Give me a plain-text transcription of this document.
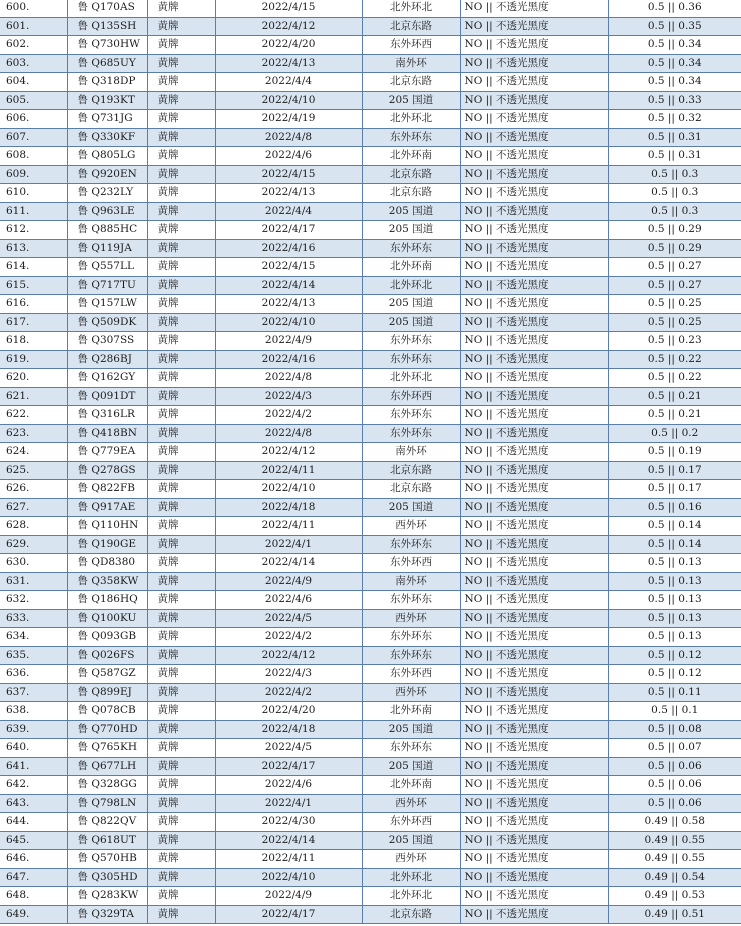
600.	鲁 Q170AS	黄牌	2022/4/15	北外环北	NO || 不透光黑度	0.5 || 0.36
601.	鲁 Q135SH	黄牌	2022/4/12	北京东路	NO || 不透光黑度	0.5 || 0.35
602.	鲁 Q730HW	黄牌	2022/4/20	东外环西	NO || 不透光黑度	0.5 || 0.34
603.	鲁 Q685UY	黄牌	2022/4/13	南外环	NO || 不透光黑度	0.5 || 0.34
604.	鲁 Q318DP	黄牌	2022/4/4	北京东路	NO || 不透光黑度	0.5 || 0.34
605.	鲁 Q193KT	黄牌	2022/4/10	205 国道	NO || 不透光黑度	0.5 || 0.33
606.	鲁 Q731JG	黄牌	2022/4/19	北外环北	NO || 不透光黑度	0.5 || 0.32
607.	鲁 Q330KF	黄牌	2022/4/8	东外环东	NO || 不透光黑度	0.5 || 0.31
608.	鲁 Q805LG	黄牌	2022/4/6	北外环南	NO || 不透光黑度	0.5 || 0.31
609.	鲁 Q920EN	黄牌	2022/4/15	北京东路	NO || 不透光黑度	0.5 || 0.3
610.	鲁 Q232LY	黄牌	2022/4/13	北京东路	NO || 不透光黑度	0.5 || 0.3
611.	鲁 Q963LE	黄牌	2022/4/4	205 国道	NO || 不透光黑度	0.5 || 0.3
612.	鲁 Q885HC	黄牌	2022/4/17	205 国道	NO || 不透光黑度	0.5 || 0.29
613.	鲁 Q119JA	黄牌	2022/4/16	东外环东	NO || 不透光黑度	0.5 || 0.29
614.	鲁 Q557LL	黄牌	2022/4/15	北外环南	NO || 不透光黑度	0.5 || 0.27
615.	鲁 Q717TU	黄牌	2022/4/14	北外环北	NO || 不透光黑度	0.5 || 0.27
616.	鲁 Q157LW	黄牌	2022/4/13	205 国道	NO || 不透光黑度	0.5 || 0.25
617.	鲁 Q509DK	黄牌	2022/4/10	205 国道	NO || 不透光黑度	0.5 || 0.25
618.	鲁 Q307SS	黄牌	2022/4/9	东外环东	NO || 不透光黑度	0.5 || 0.23
619.	鲁 Q286BJ	黄牌	2022/4/16	东外环东	NO || 不透光黑度	0.5 || 0.22
620.	鲁 Q162GY	黄牌	2022/4/8	北外环北	NO || 不透光黑度	0.5 || 0.22
621.	鲁 Q091DT	黄牌	2022/4/3	东外环西	NO || 不透光黑度	0.5 || 0.21
622.	鲁 Q316LR	黄牌	2022/4/2	东外环东	NO || 不透光黑度	0.5 || 0.21
623.	鲁 Q418BN	黄牌	2022/4/8	东外环东	NO || 不透光黑度	0.5 || 0.2
624.	鲁 Q779EA	黄牌	2022/4/12	南外环	NO || 不透光黑度	0.5 || 0.19
625.	鲁 Q278GS	黄牌	2022/4/11	北京东路	NO || 不透光黑度	0.5 || 0.17
626.	鲁 Q822FB	黄牌	2022/4/10	北京东路	NO || 不透光黑度	0.5 || 0.17
627.	鲁 Q917AE	黄牌	2022/4/18	205 国道	NO || 不透光黑度	0.5 || 0.16
628.	鲁 Q110HN	黄牌	2022/4/11	西外环	NO || 不透光黑度	0.5 || 0.14
629.	鲁 Q190GE	黄牌	2022/4/1	东外环东	NO || 不透光黑度	0.5 || 0.14
630.	鲁 QD8380	黄牌	2022/4/14	东外环西	NO || 不透光黑度	0.5 || 0.13
631.	鲁 Q358KW	黄牌	2022/4/9	南外环	NO || 不透光黑度	0.5 || 0.13
632.	鲁 Q186HQ	黄牌	2022/4/6	东外环东	NO || 不透光黑度	0.5 || 0.13
633.	鲁 Q100KU	黄牌	2022/4/5	西外环	NO || 不透光黑度	0.5 || 0.13
634.	鲁 Q093GB	黄牌	2022/4/2	东外环东	NO || 不透光黑度	0.5 || 0.13
635.	鲁 Q026FS	黄牌	2022/4/12	东外环东	NO || 不透光黑度	0.5 || 0.12
636.	鲁 Q587GZ	黄牌	2022/4/3	东外环西	NO || 不透光黑度	0.5 || 0.12
637.	鲁 Q899EJ	黄牌	2022/4/2	西外环	NO || 不透光黑度	0.5 || 0.11
638.	鲁 Q078CB	黄牌	2022/4/20	北外环南	NO || 不透光黑度	0.5 || 0.1
639.	鲁 Q770HD	黄牌	2022/4/18	205 国道	NO || 不透光黑度	0.5 || 0.08
640.	鲁 Q765KH	黄牌	2022/4/5	东外环东	NO || 不透光黑度	0.5 || 0.07
641.	鲁 Q677LH	黄牌	2022/4/17	205 国道	NO || 不透光黑度	0.5 || 0.06
642.	鲁 Q328GG	黄牌	2022/4/6	北外环南	NO || 不透光黑度	0.5 || 0.06
643.	鲁 Q798LN	黄牌	2022/4/1	西外环	NO || 不透光黑度	0.5 || 0.06
644.	鲁 Q822QV	黄牌	2022/4/30	东外环西	NO || 不透光黑度	0.49 || 0.58
645.	鲁 Q618UT	黄牌	2022/4/14	205 国道	NO || 不透光黑度	0.49 || 0.55
646.	鲁 Q570HB	黄牌	2022/4/11	西外环	NO || 不透光黑度	0.49 || 0.55
647.	鲁 Q305HD	黄牌	2022/4/10	北外环北	NO || 不透光黑度	0.49 || 0.54
648.	鲁 Q283KW	黄牌	2022/4/9	北外环北	NO || 不透光黑度	0.49 || 0.53
649.	鲁 Q329TA	黄牌	2022/4/17	北京东路	NO || 不透光黑度	0.49 || 0.51
